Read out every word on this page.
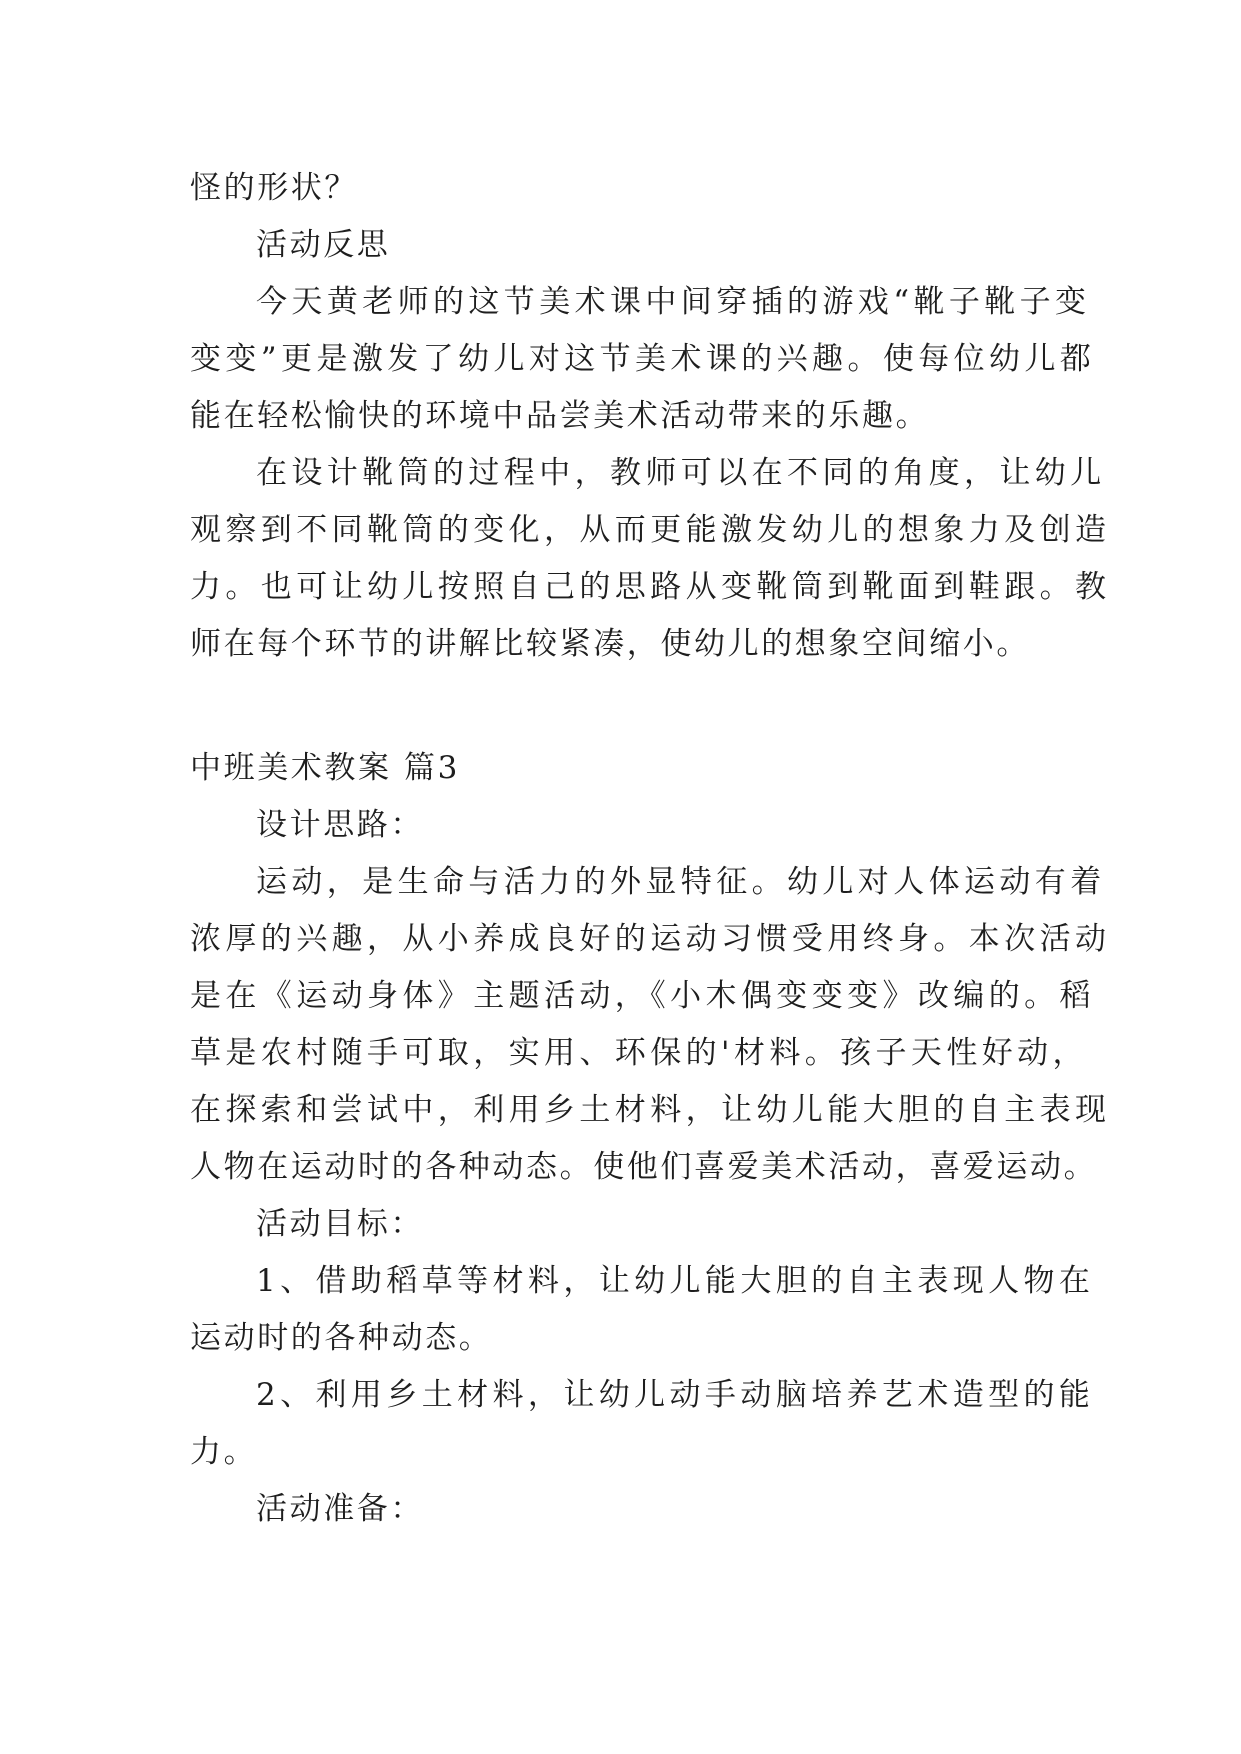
怪的形状？
活动反思
今天黄老师的这节美术课中间穿插的游戏“靴子靴子变
变变”更是激发了幼儿对这节美术课的兴趣。使每位幼儿都
能在轻松愉快的环境中品尝美术活动带来的乐趣。
在设计靴筒的过程中，教师可以在不同的角度，让幼儿
观察到不同靴筒的变化，从而更能激发幼儿的想象力及创造
力。也可让幼儿按照自己的思路从变靴筒到靴面到鞋跟。教
师在每个环节的讲解比较紧凑，使幼儿的想象空间缩小。
中班美术教案 篇3
设计思路：
运动，是生命与活力的外显特征。幼儿对人体运动有着
浓厚的兴趣，从小养成良好的运动习惯受用终身。本次活动
是在《运动身体》主题活动，《小木偶变变变》改编的。稻
草是农村随手可取，实用、环保的'材料。孩子天性好动，
在探索和尝试中，利用乡土材料，让幼儿能大胆的自主表现
人物在运动时的各种动态。使他们喜爱美术活动，喜爱运动。
活动目标：
1、借助稻草等材料，让幼儿能大胆的自主表现人物在
运动时的各种动态。
2、利用乡土材料，让幼儿动手动脑培养艺术造型的能
力。
活动准备：
